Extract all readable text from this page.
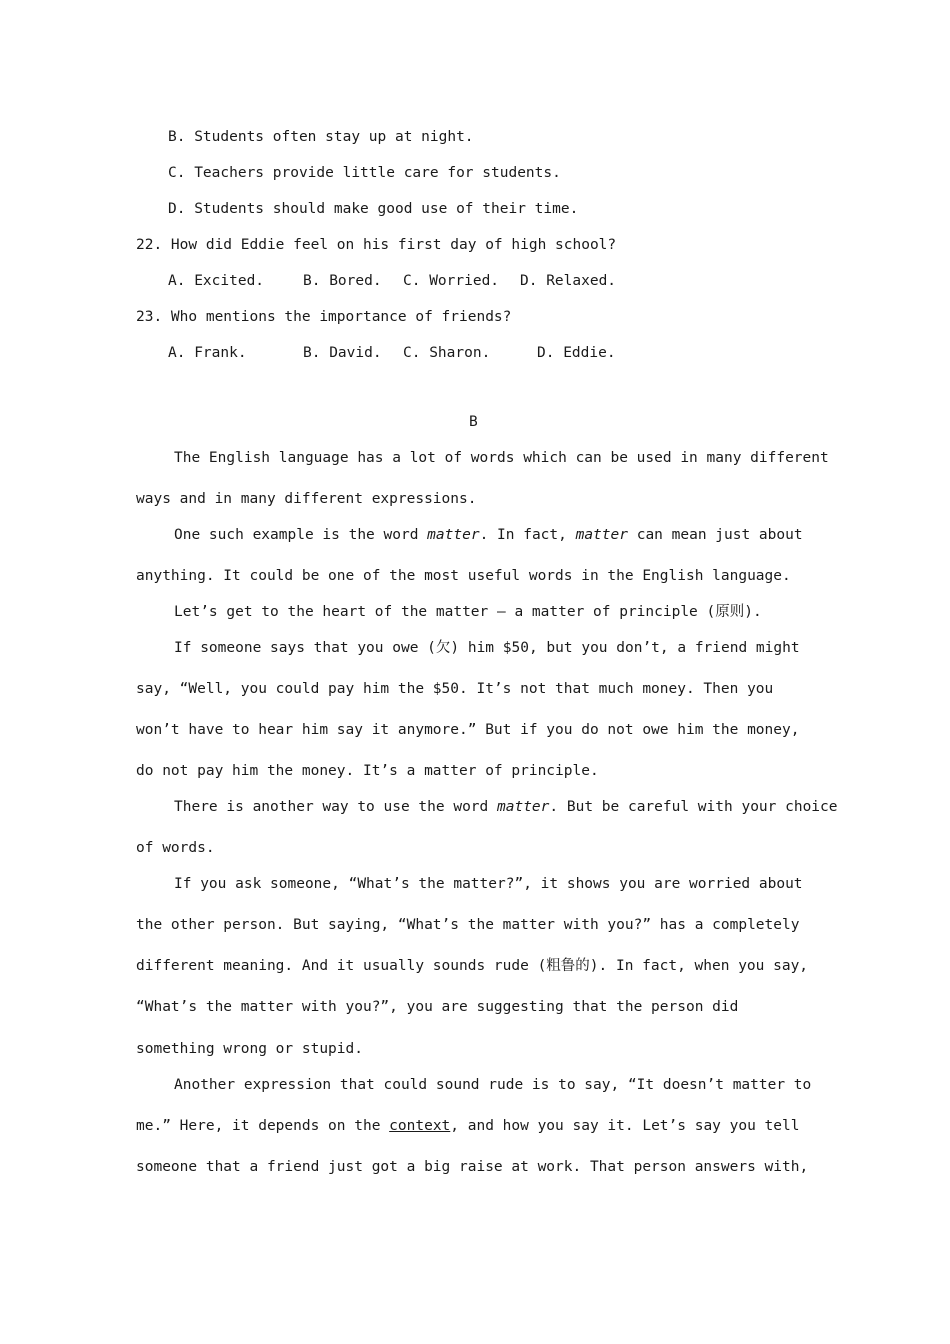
B. Students often stay up at night.
C. Teachers provide little care for students.
D. Students should make good use of their time.
22. How did Eddie feel on his first day of high school?
A. Excited.	B. Bored. C. Worried. D. Relaxed.
23. Who mentions the importance of friends?
A. Frank.	B. David. C. Sharon.	D. Eddie.
B
The English language has a lot of words which can be used in many different
ways and in many different expressions.
One such example is the word matter. In fact, matter can mean just about
anything. It could be one of the most useful words in the English language.
Let’s get to the heart of the matter — a matter of principle (原则).
If someone says that you owe (欠) him $50, but you don’t, a friend might
say, “Well, you could pay him the $50. It’s not that much money. Then you
won’t have to hear him say it anymore.” But if you do not owe him the money,
do not pay him the money. It’s a matter of principle.
There is another way to use the word matter. But be careful with your choice
of words.
If you ask someone, “What’s the matter?”, it shows you are worried about
the other person. But saying, “What’s the matter with you?” has a completely
different meaning. And it usually sounds rude (粗鲁的). In fact, when you say,
“What’s the matter with you?”, you are suggesting that the person did
something wrong or stupid.
Another expression that could sound rude is to say, “It doesn’t matter to
me.” Here, it depends on the context, and how you say it. Let’s say you tell
someone that a friend just got a big raise at work. That person answers with,
